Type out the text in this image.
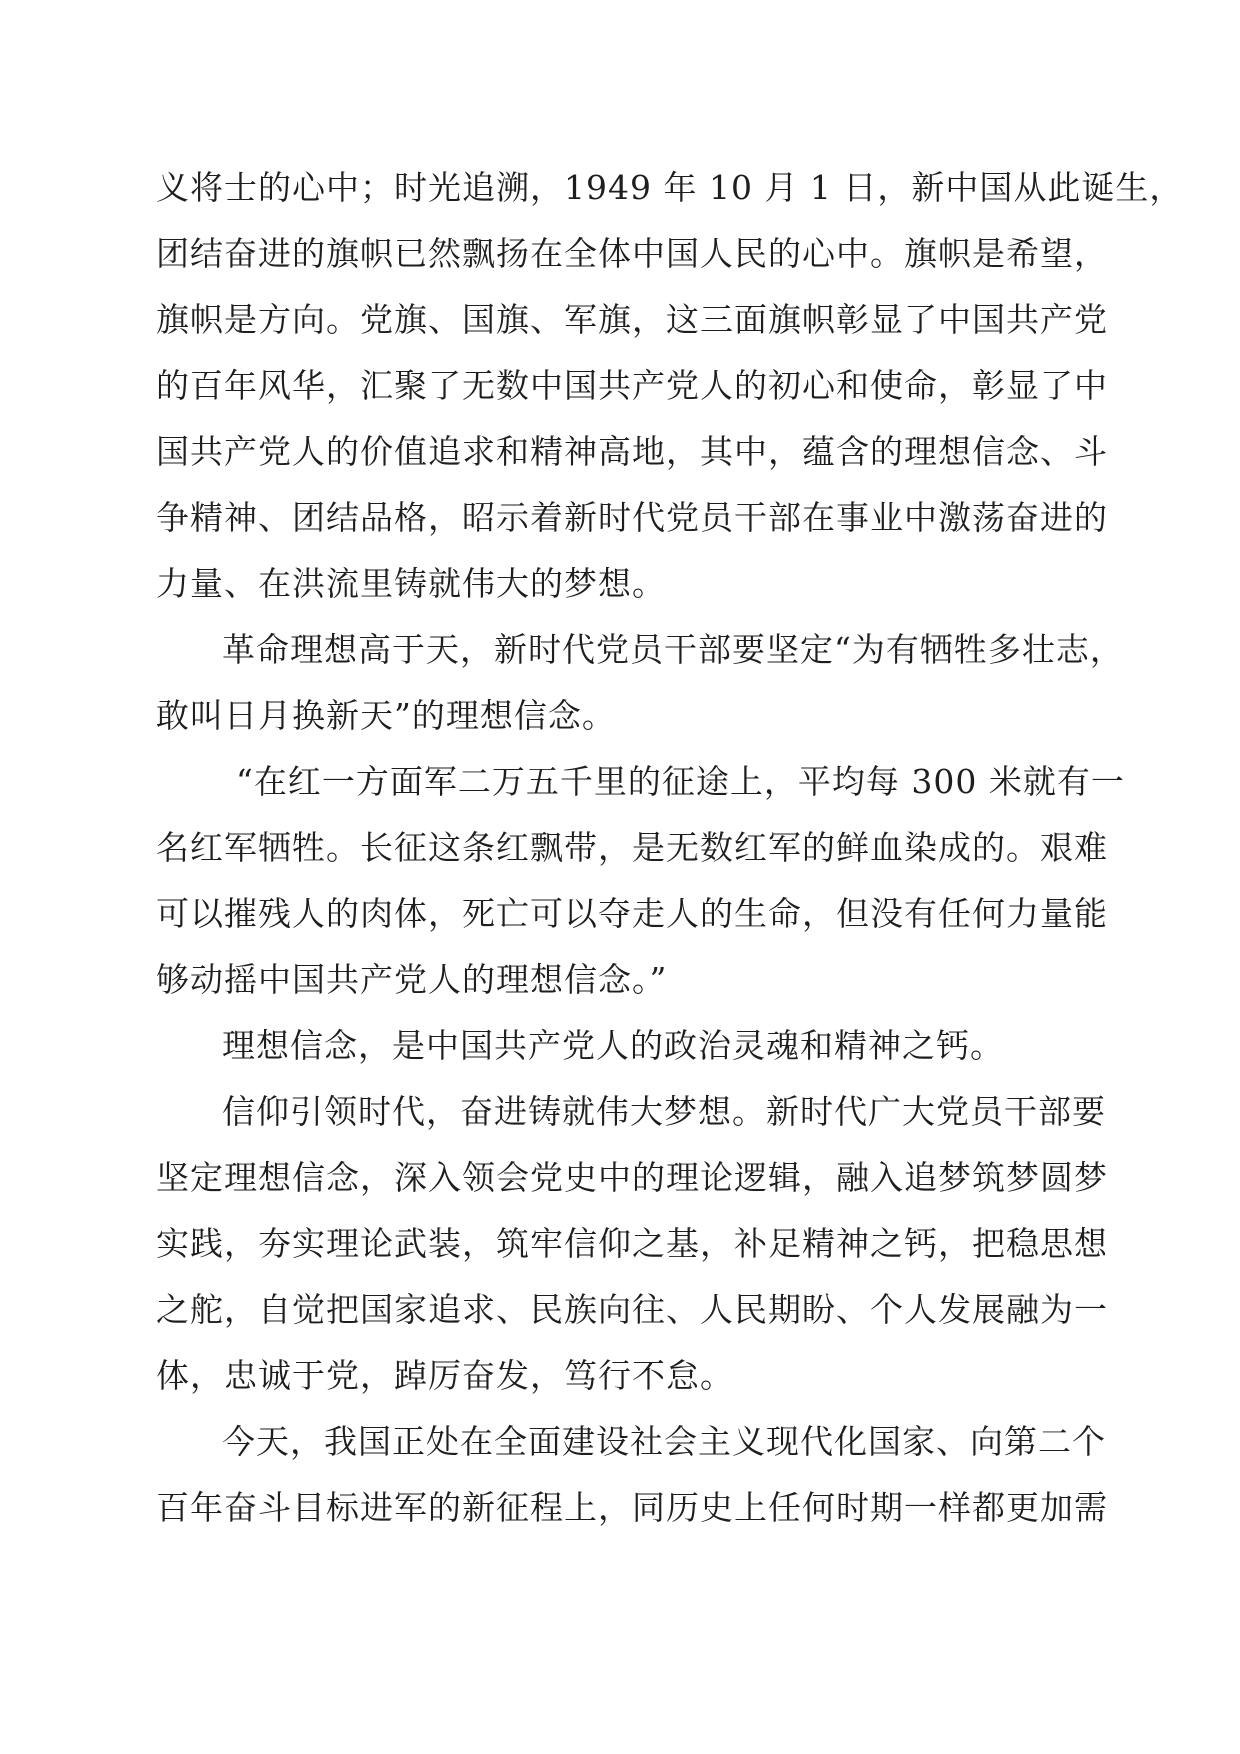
义将士的心中；时光追溯，1949 年 10 月 1 日，新中国从此诞生，
团结奋进的旗帜已然飘扬在全体中国人民的心中。旗帜是希望，
旗帜是方向。党旗、国旗、军旗，这三面旗帜彰显了中国共产党
的百年风华，汇聚了无数中国共产党人的初心和使命，彰显了中
国共产党人的价值追求和精神高地，其中，蕴含的理想信念、斗
争精神、团结品格，昭示着新时代党员干部在事业中激荡奋进的
力量、在洪流里铸就伟大的梦想。
革命理想高于天，新时代党员干部要坚定“为有牺牲多壮志，
敢叫日月换新天”的理想信念。
“在红一方面军二万五千里的征途上，平均每 300 米就有一
名红军牺牲。长征这条红飘带，是无数红军的鲜血染成的。艰难
可以摧残人的肉体，死亡可以夺走人的生命，但没有任何力量能
够动摇中国共产党人的理想信念。”
理想信念，是中国共产党人的政治灵魂和精神之钙。
信仰引领时代，奋进铸就伟大梦想。新时代广大党员干部要
坚定理想信念，深入领会党史中的理论逻辑，融入追梦筑梦圆梦
实践，夯实理论武装，筑牢信仰之基，补足精神之钙，把稳思想
之舵，自觉把国家追求、民族向往、人民期盼、个人发展融为一
体，忠诚于党，踔厉奋发，笃行不怠。
今天，我国正处在全面建设社会主义现代化国家、向第二个
百年奋斗目标进军的新征程上，同历史上任何时期一样都更加需
